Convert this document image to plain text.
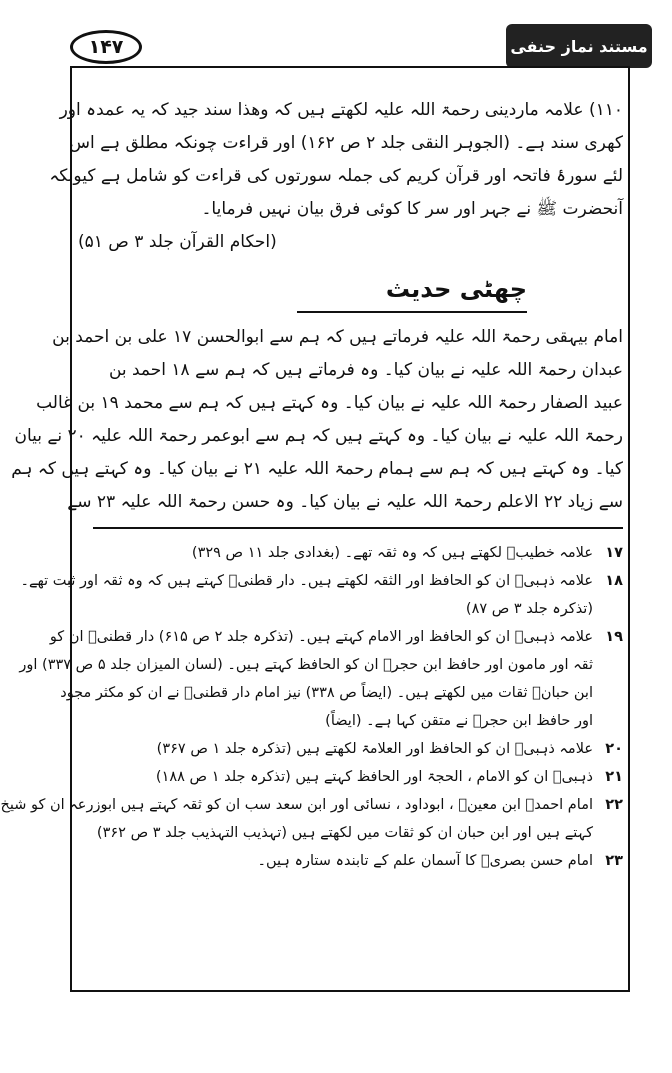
۱۴۷	مستند نماز حنفی

۱۱۰) علامہ ماردینی رحمۃ اللہ علیہ لکھتے ہیں کہ وھذا سند جید کہ یہ عمدہ اور

کھری سند ہے۔ (الجوہر النقی جلد ۲ ص ۱۶۲) اور قراءت چونکہ مطلق ہے اس

لئے سورۂ فاتحہ اور قرآن کریم کی جملہ سورتوں کی قراءت کو شامل ہے کیونکہ

آنحضرت ﷺ نے جہر اور سر کا کوئی فرق بیان نہیں فرمایا۔

(احکام القرآن جلد ۳ ص ۵۱)

چھٹی حدیث

امام بیہقی رحمۃ اللہ علیہ فرماتے ہیں کہ ہم سے ابوالحسن ۱۷ علی بن احمد بن

عبدان رحمۃ اللہ علیہ نے بیان کیا۔ وہ فرماتے ہیں کہ ہم سے ۱۸ احمد بن

عبید الصفار رحمۃ اللہ علیہ نے بیان کیا۔ وہ کہتے ہیں کہ ہم سے محمد ۱۹ بن غالب

رحمۃ اللہ علیہ نے بیان کیا۔ وہ کہتے ہیں کہ ہم سے ابوعمر رحمۃ اللہ علیہ ۲۰ نے بیان

کیا۔ وہ کہتے ہیں کہ ہم سے ہمام رحمۃ اللہ علیہ ۲۱ نے بیان کیا۔ وہ کہتے ہیں کہ ہم

سے زیاد ۲۲ الاعلم رحمۃ اللہ علیہ نے بیان کیا۔ وہ حسن رحمۃ اللہ علیہ ۲۳ سے

۱۷
علامہ خطیبؒ لکھتے ہیں کہ وہ ثقہ تھے۔ (بغدادی جلد ۱۱ ص ۳۲۹)
۱۸
علامہ ذہبیؒ ان کو الحافظ اور الثقہ لکھتے ہیں۔ دار قطنیؒ کہتے ہیں کہ وہ ثقہ اور ثبت تھے۔
(تذکرہ جلد ۳ ص ۸۷)
۱۹
علامہ ذہبیؒ ان کو الحافظ اور الامام کہتے ہیں۔ (تذکرہ جلد ۲ ص ۶۱۵) دار قطنیؒ ان کو
ثقہ اور مامون اور حافظ ابن حجرؒ ان کو الحافظ کہتے ہیں۔ (لسان المیزان جلد ۵ ص ۳۳۷) اور
ابن حبانؒ ثقات میں لکھتے ہیں۔ (ایضاً ص ۳۳۸) نیز امام دار قطنیؒ نے ان کو مکثر مجود
اور حافظ ابن حجرؒ نے متقن کہا ہے۔ (ایضاً)
۲۰
علامہ ذہبیؒ ان کو الحافظ اور العلامۃ لکھتے ہیں (تذکرہ جلد ۱ ص ۳۶۷)
۲۱
ذہبیؒ ان کو الامام ، الحجۃ اور الحافظ کہتے ہیں (تذکرہ جلد ۱ ص ۱۸۸)
۲۲
امام احمدؒ ابن معینؒ ، ابوداود ، نسائی اور ابن سعد سب ان کو ثقہ کہتے ہیں ابوزرعہ ان کو شیخ
کہتے ہیں اور ابن حبان ان کو ثقات میں لکھتے ہیں (تہذیب التہذیب جلد ۳ ص ۳۶۲)
۲۳
امام حسن بصریؒ کا آسمان علم کے تابندہ ستارہ ہیں۔
